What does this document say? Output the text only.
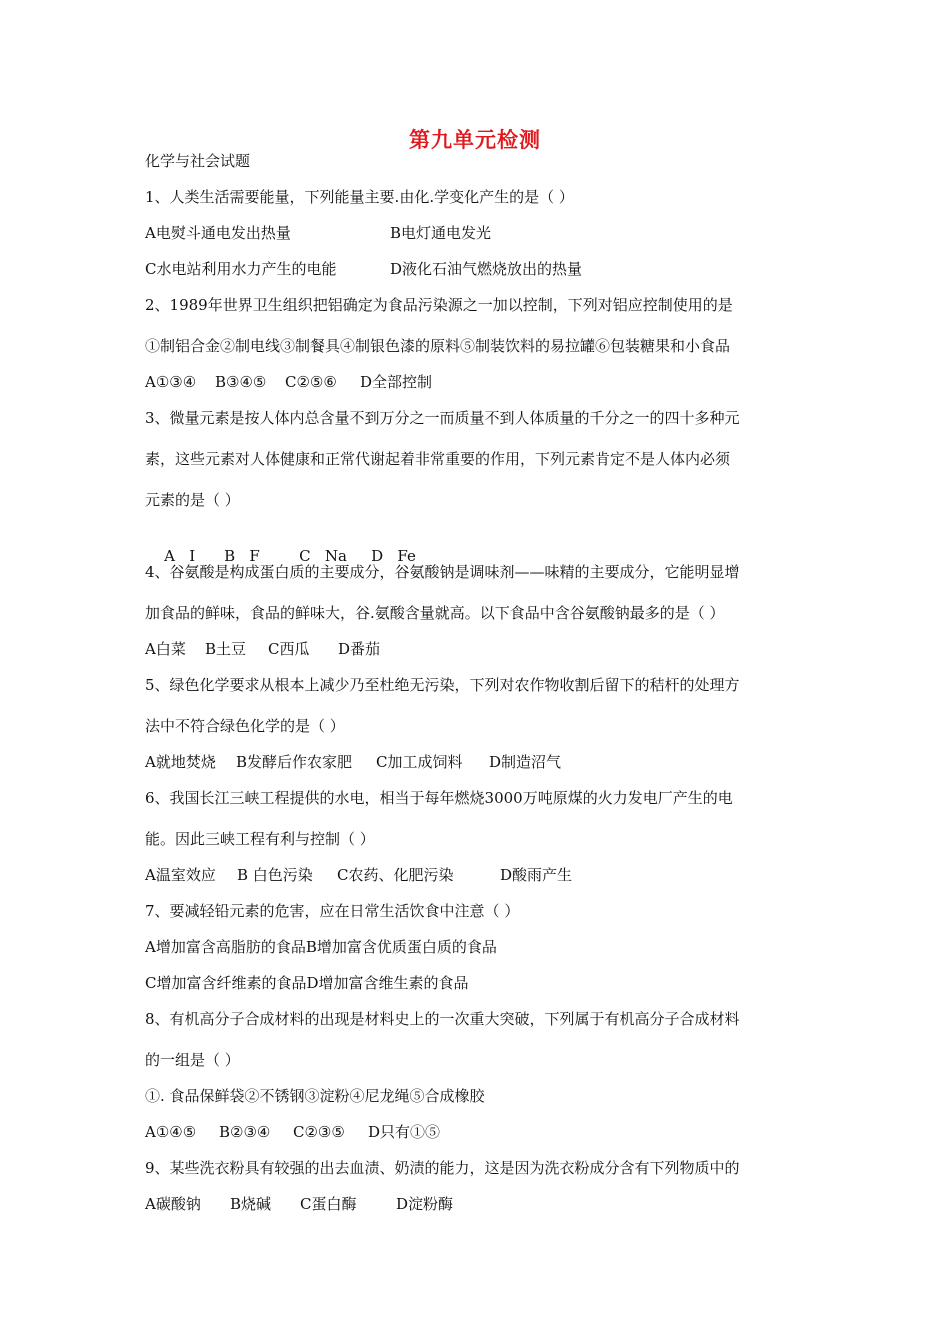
第九单元检测
化学与社会试题
1、人类生活需要能量，下列能量主要.由化.学变化产生的是（ ）
A电熨斗通电发出热量	B电灯通电发光
C水电站利用水力产生的电能	D液化石油气燃烧放出的热量
2、1989年世界卫生组织把铝确定为食品污染源之一加以控制，下列对铝应控制使用的是
①制铝合金②制电线③制餐具④制银色漆的原料⑤制装饮料的易拉罐⑥包装糖果和小食品
A①③④ B③④⑤ C②⑤⑥ D全部控制
3、微量元素是按人体内总含量不到万分之一而质量不到人体质量的千分之一的四十多种元
素，这些元素对人体健康和正常代谢起着非常重要的作用，下列元素肯定不是人体内必须
元素的是（ ）

A   I B   F	C   Na D   Fe

4、谷氨酸是构成蛋白质的主要成分，谷氨酸钠是调味剂——味精的主要成分，它能明显增
加食品的鲜味，食品的鲜味大，谷.氨酸含量就高。以下食品中含谷氨酸钠最多的是（ ）
A白菜 B土豆 C西瓜 D番茄
5、绿色化学要求从根本上减少乃至杜绝无污染，下列对农作物收割后留下的秸杆的处理方
法中不符合绿色化学的是（ ）
A就地焚烧 B发酵后作农家肥 C加工成饲料 D制造沼气
6、我国长江三峡工程提供的水电，相当于每年燃烧3000万吨原煤的火力发电厂产生的电
能。因此三峡工程有利与控制（ ）
A温室效应 B 白色污染 C农药、化肥污染	D酸雨产生
7、要减轻铅元素的危害，应在日常生活饮食中注意（ ）
A增加富含高脂肪的食品B增加富含优质蛋白质的食品
C增加富含纤维素的食品D增加富含维生素的食品
8、有机高分子合成材料的出现是材料史上的一次重大突破，下列属于有机高分子合成材料
的一组是（ ）
①. 食品保鲜袋②不锈钢③淀粉④尼龙绳⑤合成橡胶
A①④⑤ B②③④ C②③⑤ D只有①⑤
9、某些洗衣粉具有较强的出去血渍、奶渍的能力，这是因为洗衣粉成分含有下列物质中的
A碳酸钠 B烧碱 C蛋白酶	D淀粉酶
